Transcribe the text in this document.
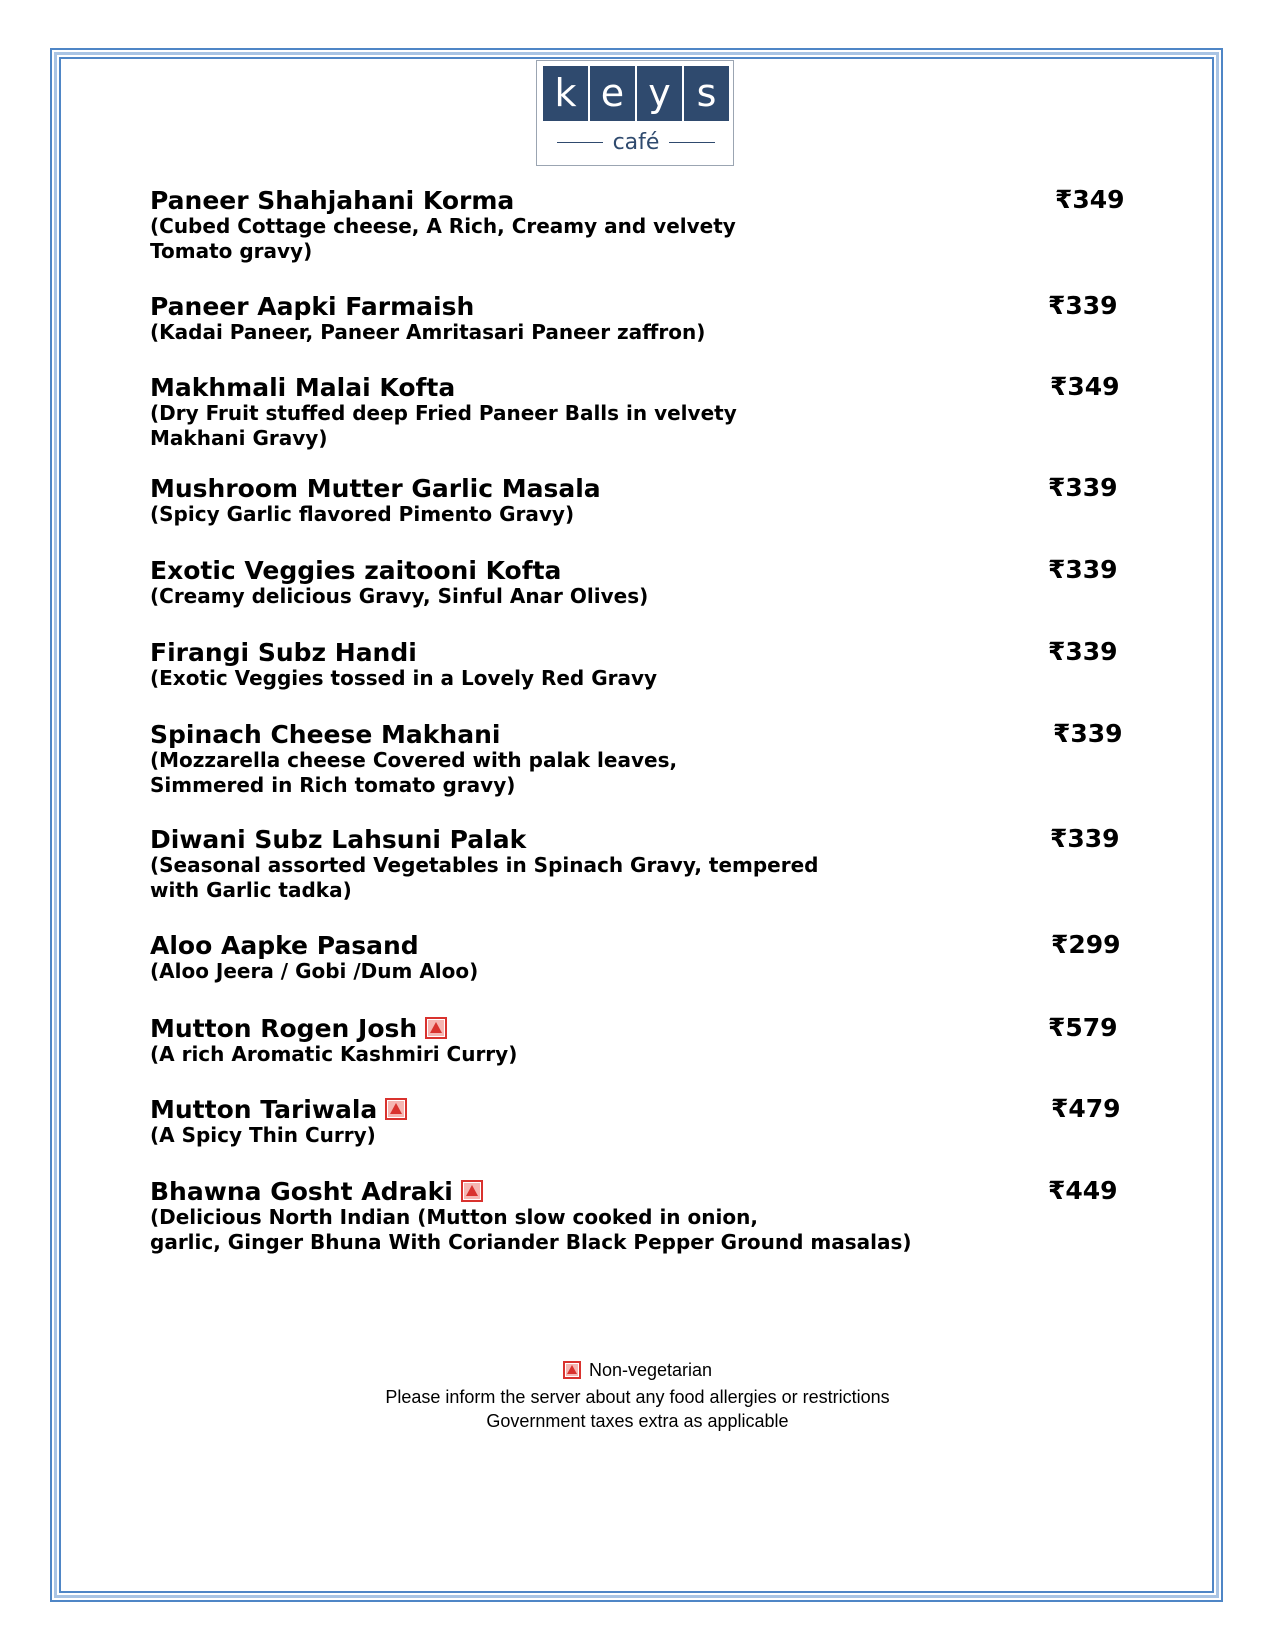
k e y s
café
Paneer Shahjahani Korma	₹349
(Cubed Cottage cheese, A Rich, Creamy and velvety
Tomato gravy)
Paneer Aapki Farmaish	₹339
(Kadai Paneer, Paneer Amritasari Paneer zaffron)
Makhmali Malai Kofta	₹349
(Dry Fruit stuffed deep Fried Paneer Balls in velvety
Makhani Gravy)
Mushroom Mutter Garlic Masala	₹339
(Spicy Garlic flavored Pimento Gravy)
Exotic Veggies zaitooni Kofta	₹339
(Creamy delicious Gravy, Sinful Anar Olives)
Firangi Subz Handi	₹339
(Exotic Veggies tossed in a Lovely Red Gravy
Spinach Cheese Makhani	₹339
(Mozzarella cheese Covered with palak leaves,
Simmered in Rich tomato gravy)
Diwani Subz Lahsuni Palak	₹339
(Seasonal assorted Vegetables in Spinach Gravy, tempered
with Garlic tadka)
Aloo Aapke Pasand	₹299
(Aloo Jeera / Gobi /Dum Aloo)
Mutton Rogen Josh	₹579
(A rich Aromatic Kashmiri Curry)
Mutton Tariwala	₹479
(A Spicy Thin Curry)
Bhawna Gosht Adraki	₹449
(Delicious North Indian (Mutton slow cooked in onion,
garlic, Ginger Bhuna With Coriander Black Pepper Ground masalas)
Non-vegetarian
Please inform the server about any food allergies or restrictions
Government taxes extra as applicable
